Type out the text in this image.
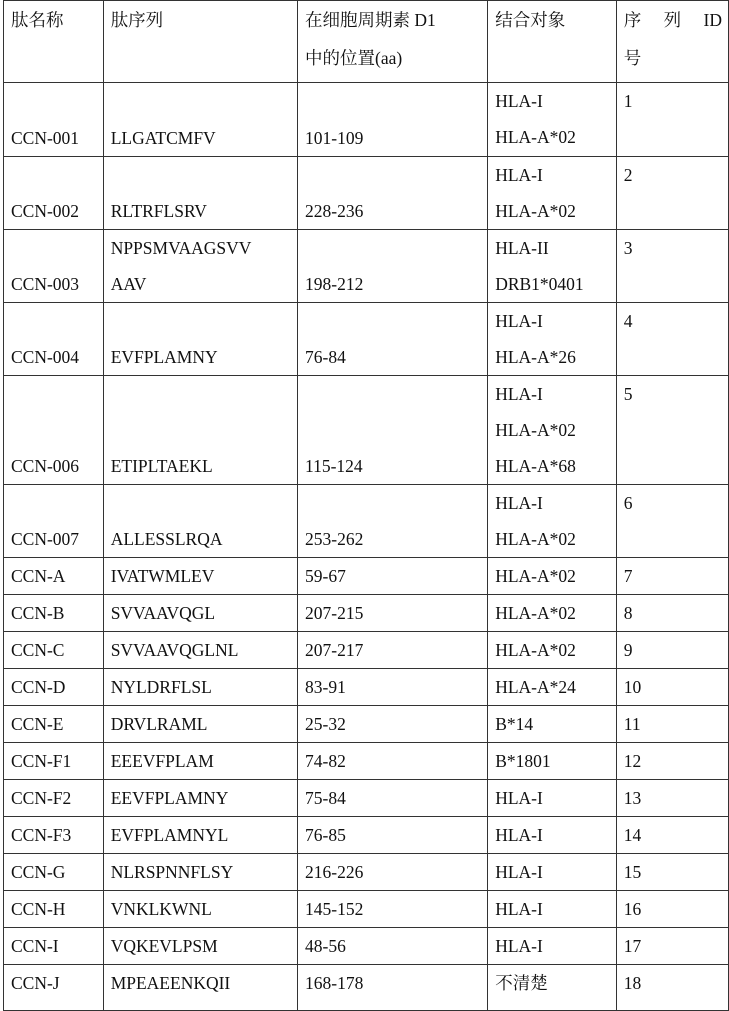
肽名称	肽序列	在细胞周期素 D1
中的位置(aa)

结合对象	序 列 ID
号

CCN-001	LLGATCMFV	101-109

HLA-I
HLA-A*02

1

CCN-002	RLTRFLSRV	228-236

HLA-I
HLA-A*02

2

CCN-003

NPPSMVAAGSVV
AAV	198-212

HLA-II
DRB1*0401

3

CCN-004	EVFPLAMNY	76-84

HLA-I
HLA-A*26

4

CCN-006	ETIPLTAEKL	115-124

HLA-I
HLA-A*02
HLA-A*68

5

CCN-007	ALLESSLRQA	253-262

HLA-I
HLA-A*02

6

CCN-A	IVATWMLEV	59-67	HLA-A*02	7

CCN-B	SVVAAVQGL	207-215	HLA-A*02	8

CCN-C	SVVAAVQGLNL	207-217	HLA-A*02	9

CCN-D	NYLDRFLSL	83-91	HLA-A*24	10

CCN-E	DRVLRAML	25-32	B*14	11

CCN-F1	EEEVFPLAM	74-82	B*1801	12

CCN-F2	EEVFPLAMNY	75-84	HLA-I	13

CCN-F3	EVFPLAMNYL	76-85	HLA-I	14

CCN-G	NLRSPNNFLSY	216-226	HLA-I	15

CCN-H	VNKLKWNL	145-152	HLA-I	16

CCN-I	VQKEVLPSM	48-56	HLA-I	17

CCN-J	MPEAEENKQII	168-178	不清楚	18
